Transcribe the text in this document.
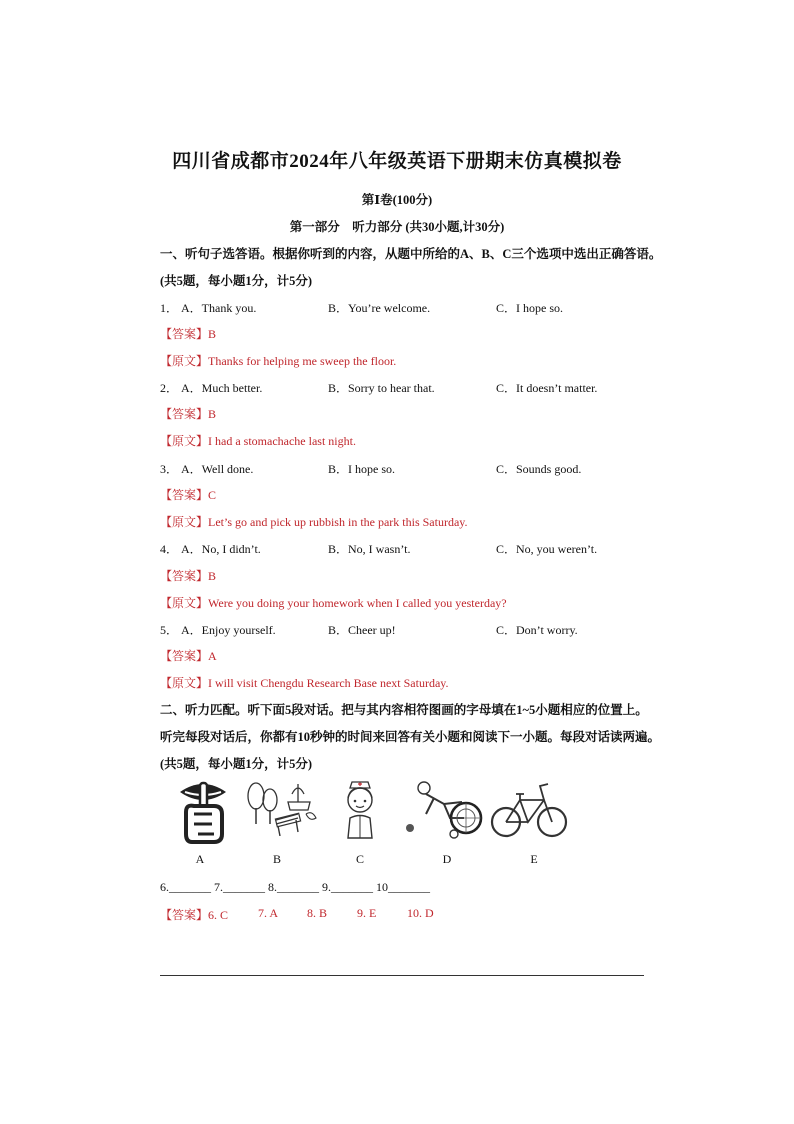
四川省成都市2024年八年级英语下册期末仿真模拟卷
第Ⅰ卷(100分)
第一部分　听力部分 (共30小题,计30分)
一、听句子选答语。根据你听到的内容，从题中所给的A、B、C三个选项中选出正确答语。
(共5题，每小题1分，计5分)
1． A．Thank you.	B．You’re welcome.	C．I hope so.
【答案】B
【原文】Thanks for helping me sweep the floor.
2． A．Much better.	B．Sorry to hear that.	C．It doesn’t matter.
【答案】B
【原文】I had a stomachache last night.
3． A．Well done.	B．I hope so.	C．Sounds good.
【答案】C
【原文】Let’s go and pick up rubbish in the park this Saturday.
4． A．No, I didn’t.	B．No, I wasn’t.	C．No, you weren’t.
【答案】B
【原文】Were you doing your homework when I called you yesterday?
5． A．Enjoy yourself.	B．Cheer up!	C．Don’t worry.
【答案】A
【原文】I will visit Chengdu Research Base next Saturday.
二、听力匹配。听下面5段对话。把与其内容相符图画的字母填在1~5小题相应的位置上。
听完每段对话后，你都有10秒钟的时间来回答有关小题和阅读下一小题。每段对话读两遍。
(共5题，每小题1分，计5分)
A	B	C	D	E
6._______ 7._______ 8._______ 9._______ 10_______
【答案】6. C 7. A 8. B 9. E	10. D
